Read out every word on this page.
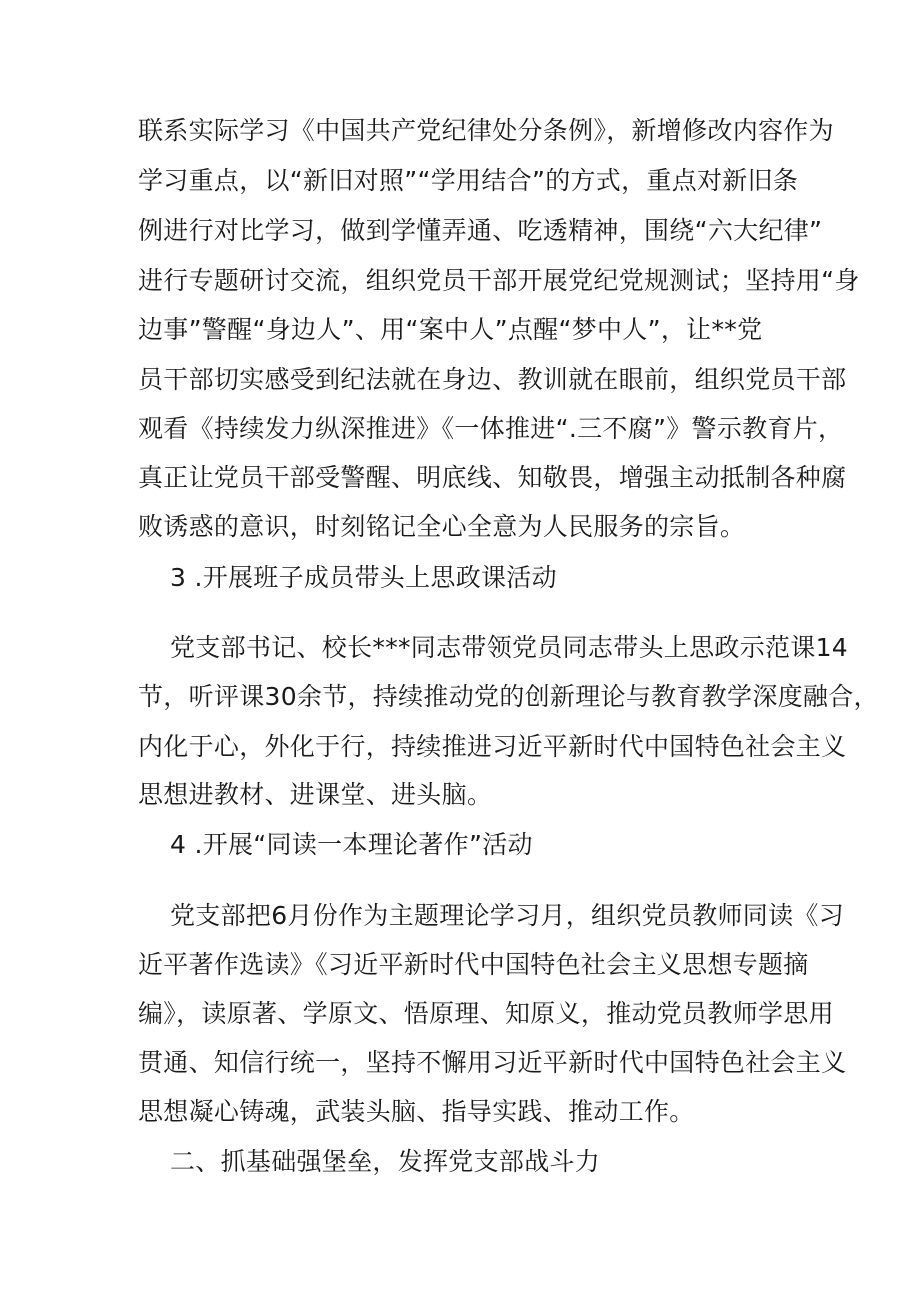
联系实际学习《中国共产党纪律处分条例》，新增修改内容作为
学习重点，以“新旧对照”“学用结合”的方式，重点对新旧条
例进行对比学习，做到学懂弄通、吃透精神，围绕“六大纪律”
进行专题研讨交流，组织党员干部开展党纪党规测试；坚持用“身
边事”警醒“身边人”、用“案中人”点醒“梦中人”，让**党
员干部切实感受到纪法就在身边、教训就在眼前，组织党员干部
观看《持续发力纵深推进》《一体推进“.三不腐”》警示教育片，
真正让党员干部受警醒、明底线、知敬畏，增强主动抵制各种腐
败诱惑的意识，时刻铭记全心全意为人民服务的宗旨。
3 .开展班子成员带头上思政课活动
党支部书记、校长***同志带领党员同志带头上思政示范课14
节，听评课30余节，持续推动党的创新理论与教育教学深度融合，
内化于心，外化于行，持续推进习近平新时代中国特色社会主义
思想进教材、进课堂、进头脑。
4 .开展“同读一本理论著作”活动
党支部把6月份作为主题理论学习月，组织党员教师同读《习
近平著作选读》《习近平新时代中国特色社会主义思想专题摘
编》，读原著、学原文、悟原理、知原义，推动党员教师学思用
贯通、知信行统一，坚持不懈用习近平新时代中国特色社会主义
思想凝心铸魂，武装头脑、指导实践、推动工作。
二、抓基础强堡垒，发挥党支部战斗力
